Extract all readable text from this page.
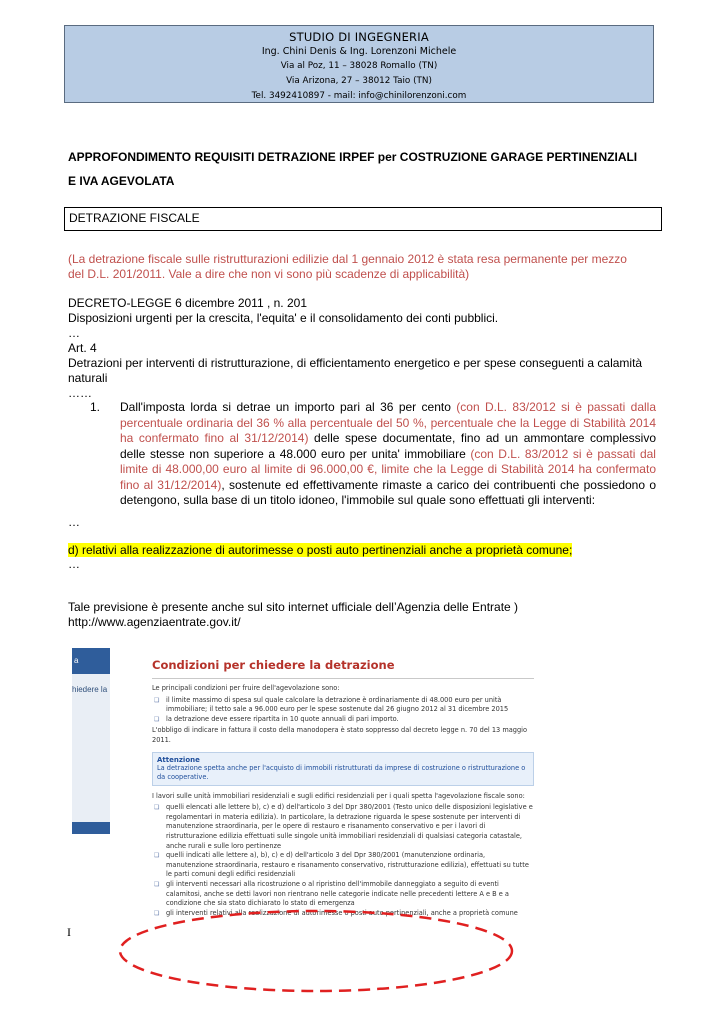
STUDIO DI INGEGNERIA
Ing. Chini Denis & Ing. Lorenzoni Michele
Via al Poz, 11 – 38028 Romallo (TN)
Via Arizona, 27 – 38012 Taio (TN)
Tel. 3492410897 - mail: info@chinilorenzoni.com
APPROFONDIMENTO REQUISITI DETRAZIONE IRPEF per COSTRUZIONE GARAGE PERTINENZIALI
E IVA AGEVOLATA
DETRAZIONE FISCALE
(La detrazione fiscale sulle ristrutturazioni edilizie dal 1 gennaio 2012 è stata resa permanente per mezzo
del D.L. 201/2011. Vale a dire che non vi sono più scadenze di applicabilità)
DECRETO-LEGGE 6 dicembre 2011 , n. 201
Disposizioni urgenti per la crescita, l'equita' e il consolidamento dei conti pubblici.
…
Art. 4
Detrazioni per interventi di ristrutturazione, di efficientamento energetico e per spese conseguenti a calamità
naturali
……
1. Dall'imposta lorda si detrae un importo pari al 36 per cento (con D.L. 83/2012 si è passati dalla percentuale ordinaria del 36 % alla percentuale del 50 %, percentuale che la Legge di Stabilità 2014 ha confermato fino al 31/12/2014) delle spese documentate, fino ad un ammontare complessivo delle stesse non superiore a 48.000 euro per unita' immobiliare (con D.L. 83/2012 si è passati dal limite di 48.000,00 euro al limite di 96.000,00 €, limite che la Legge di Stabilità 2014 ha confermato fino al 31/12/2014), sostenute ed effettivamente rimaste a carico dei contribuenti che possiedono o detengono, sulla base di un titolo idoneo, l'immobile sul quale sono effettuati gli interventi:
…
d) relativi alla realizzazione di autorimesse o posti auto pertinenziali anche a proprietà comune;
…
Tale previsione è presente anche sul sito internet ufficiale dell’Agenzia delle Entrate )
http://www.agenziaentrate.gov.it/
a
hiedere la
Condizioni per chiedere la detrazione
Le principali condizioni per fruire dell'agevolazione sono:
❏ il limite massimo di spesa sul quale calcolare la detrazione è ordinariamente di 48.000 euro per unità immobiliare; il tetto sale a 96.000 euro per le spese sostenute dal 26 giugno 2012 al 31 dicembre 2015
❏ la detrazione deve essere ripartita in 10 quote annuali di pari importo.
L'obbligo di indicare in fattura il costo della manodopera è stato soppresso dal decreto legge n. 70 del 13 maggio 2011.
Attenzione
La detrazione spetta anche per l'acquisto di immobili ristrutturati da imprese di costruzione o ristrutturazione o da cooperative.
I lavori sulle unità immobiliari residenziali e sugli edifici residenziali per i quali spetta l'agevolazione fiscale sono:
❏ quelli elencati alle lettere b), c) e d) dell'articolo 3 del Dpr 380/2001 (Testo unico delle disposizioni legislative e regolamentari in materia edilizia). In particolare, la detrazione riguarda le spese sostenute per interventi di manutenzione straordinaria, per le opere di restauro e risanamento conservativo e per i lavori di ristrutturazione edilizia effettuati sulle singole unità immobiliari residenziali di qualsiasi categoria catastale, anche rurali e sulle loro pertinenze
❏ quelli indicati alle lettere a), b), c) e d) dell'articolo 3 del Dpr 380/2001 (manutenzione ordinaria, manutenzione straordinaria, restauro e risanamento conservativo, ristrutturazione edilizia), effettuati su tutte le parti comuni degli edifici residenziali
❏ gli interventi necessari alla ricostruzione o al ripristino dell'immobile danneggiato a seguito di eventi calamitosi, anche se detti lavori non rientrano nelle categorie indicate nelle precedenti lettere A e B e a condizione che sia stato dichiarato lo stato di emergenza
❏ gli interventi relativi alla realizzazione di autorimesse o posti auto pertinenziali, anche a proprietà comune
I
